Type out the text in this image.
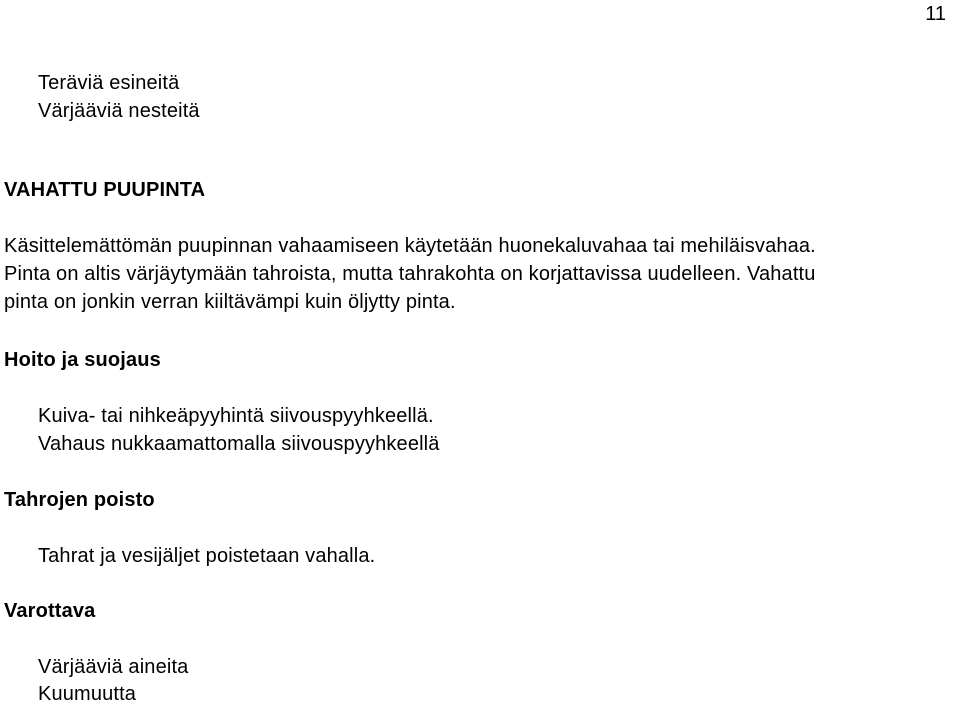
11
Teräviä esineitä
Värjääviä nesteitä
VAHATTU PUUPINTA
Käsittelemättömän puupinnan vahaamiseen käytetään huonekaluvahaa tai mehiläisvahaa.
Pinta on altis värjäytymään tahroista, mutta tahrakohta on korjattavissa uudelleen. Vahattu
pinta on jonkin verran kiiltävämpi kuin öljytty pinta.
Hoito ja suojaus
Kuiva- tai nihkeäpyyhintä siivouspyyhkeellä.
Vahaus nukkaamattomalla siivouspyyhkeellä
Tahrojen poisto
Tahrat ja vesijäljet poistetaan vahalla.
Varottava
Värjääviä aineita
Kuumuutta
